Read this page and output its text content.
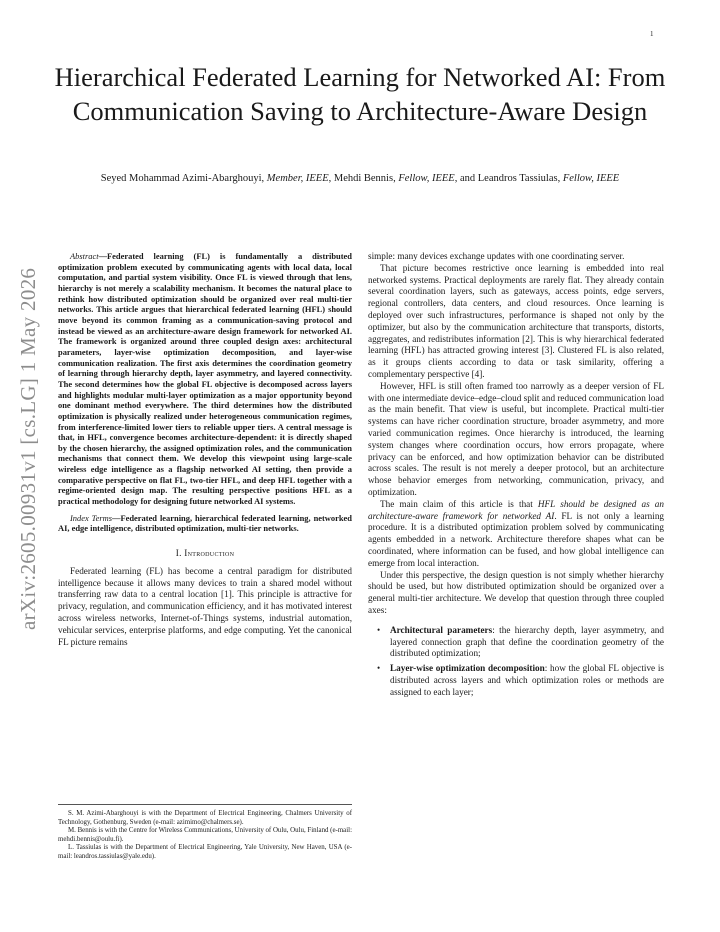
1
Hierarchical Federated Learning for Networked AI: From Communication Saving to Architecture-Aware Design
Seyed Mohammad Azimi-Abarghouyi, Member, IEEE, Mehdi Bennis, Fellow, IEEE, and Leandros Tassiulas, Fellow, IEEE
arXiv:2605.00931v1 [cs.LG] 1 May 2026

Abstract—Federated learning (FL) is fundamentally a distributed optimization problem executed by communicating agents with local data, local computation, and partial system visibility. Once FL is viewed through that lens, hierarchy is not merely a scalability mechanism. It becomes the natural place to rethink how distributed optimization should be organized over real multi-tier networks. This article argues that hierarchical federated learning (HFL) should move beyond its common framing as a communication-saving protocol and instead be viewed as an architecture-aware design framework for networked AI. The framework is organized around three coupled design axes: architectural parameters, layer-wise optimization decomposition, and layer-wise communication realization. The first axis determines the coordination geometry of learning through hierarchy depth, layer asymmetry, and layered connectivity. The second determines how the global FL objective is decomposed across layers and highlights modular multi-layer optimization as a major opportunity beyond one dominant method everywhere. The third determines how the distributed optimization is physically realized under heterogeneous communication regimes, from interference-limited lower tiers to reliable upper tiers. A central message is that, in HFL, convergence becomes architecture-dependent: it is directly shaped by the chosen hierarchy, the assigned optimization roles, and the communication mechanisms that connect them. We develop this viewpoint using large-scale wireless edge intelligence as a flagship networked AI setting, then provide a comparative perspective on flat FL, two-tier HFL, and deep HFL together with a regime-oriented design map. The resulting perspective positions HFL as a practical methodology for designing future networked AI systems.

Index Terms—Federated learning, hierarchical federated learning, networked AI, edge intelligence, distributed optimization, multi-tier networks.

I. Introduction

Federated learning (FL) has become a central paradigm for distributed intelligence because it allows many devices to train a shared model without transferring raw data to a central location [1]. This principle is attractive for privacy, regulation, and communication efficiency, and it has motivated interest across wireless networks, Internet-of-Things systems, industrial automation, vehicular services, enterprise platforms, and edge computing. Yet the canonical FL picture remains

S. M. Azimi-Abarghouyi is with the Department of Electrical Engineering, Chalmers University of Technology, Gothenburg, Sweden (e-mail: azimimo@chalmers.se).

M. Bennis is with the Centre for Wireless Communications, University of Oulu, Oulu, Finland (e-mail: mehdi.bennis@oulu.fi).

L. Tassiulas is with the Department of Electrical Engineering, Yale University, New Haven, USA (e-mail: leandros.tassiulas@yale.edu).

simple: many devices exchange updates with one coordinating server.

That picture becomes restrictive once learning is embedded into real networked systems. Practical deployments are rarely flat. They already contain several coordination layers, such as gateways, access points, edge servers, regional controllers, data centers, and cloud resources. Once learning is deployed over such infrastructures, performance is shaped not only by the optimizer, but also by the communication architecture that transports, distorts, aggregates, and redistributes information [2]. This is why hierarchical federated learning (HFL) has attracted growing interest [3]. Clustered FL is also related, as it groups clients according to data or task similarity, offering a complementary perspective [4].

However, HFL is still often framed too narrowly as a deeper version of FL with one intermediate device–edge–cloud split and reduced communication load as the main benefit. That view is useful, but incomplete. Practical multi-tier systems can have richer coordination structure, broader asymmetry, and more varied communication regimes. Once hierarchy is introduced, the learning system changes where coordination occurs, how errors propagate, where privacy can be enforced, and how optimization behavior can be distributed across scales. The result is not merely a deeper protocol, but an architecture whose behavior emerges from networking, communication, privacy, and optimization.

The main claim of this article is that HFL should be designed as an architecture-aware framework for networked AI. FL is not only a learning procedure. It is a distributed optimization problem solved by communicating agents embedded in a network. Architecture therefore shapes what can be coordinated, where information can be fused, and how global intelligence can emerge from local interaction.

Under this perspective, the design question is not simply whether hierarchy should be used, but how distributed optimization should be organized over a general multi-tier architecture. We develop that question through three coupled axes:

• Architectural parameters: the hierarchy depth, layer asymmetry, and layered connection graph that define the coordination geometry of the distributed optimization;
• Layer-wise optimization decomposition: how the global FL objective is distributed across layers and which optimization roles or methods are assigned to each layer;
